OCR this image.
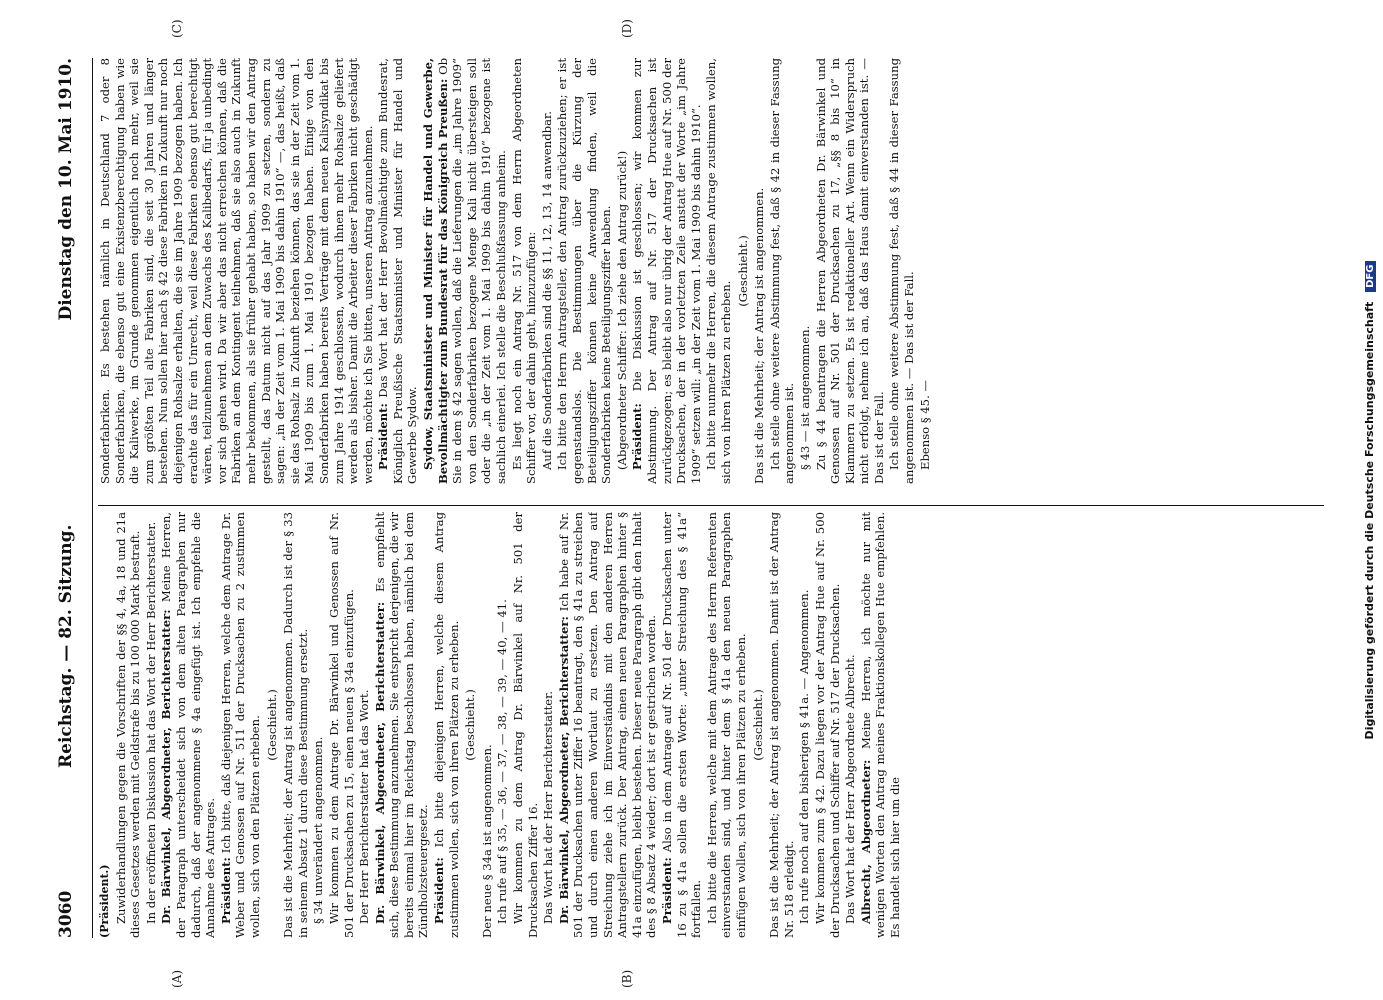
3060
Reichstag. — 82. Sitzung.
Dienstag den 10. Mai 1910.
(A)	(B)
(C)	(D)

(Präsident.) Zuwiderhandlungen gegen die Vorschriften der §§ 4, 4a, 18 und 21a dieses Gesetzes werden mit Geldstrafe bis zu 100 000 Mark bestraft. In der eröffneten Diskussion hat das Wort der Herr Berichterstatter. Dr. Bärwinkel, Abgeordneter, Berichterstatter: Meine Herren, der Paragraph unterscheidet sich von dem alten Paragraphen nur dadurch, daß der angenommene § 4a eingefügt ist. Ich empfehle die Annahme des Antrages. Präsident: Ich bitte, daß diejenigen Herren, welche dem Antrage Dr. Weber und Genossen auf Nr. 511 der Drucksachen zu 2 zustimmen wollen, sich von den Plätzen erheben. (Geschieht.) Das ist die Mehrheit; der Antrag ist angenommen. Dadurch ist der § 33 in seinem Absatz 1 durch diese Bestimmung ersetzt. § 34 unverändert angenommen. Wir kommen zu dem Antrage Dr. Bärwinkel und Genossen auf Nr. 501 der Drucksachen zu 15, einen neuen § 34a einzufügen. Der Herr Berichterstatter hat das Wort. Dr. Bärwinkel, Abgeordneter, Berichterstatter: Es empfiehlt sich, diese Bestimmung anzunehmen. Sie entspricht derjenigen, die wir bereits einmal hier im Reichstag beschlossen haben, nämlich bei dem Zündholzsteuergesetz. Präsident: Ich bitte diejenigen Herren, welche diesem Antrag zustimmen wollen, sich von ihren Plätzen zu erheben. (Geschieht.)

Der neue § 34a ist angenommen. Ich rufe auf § 35, — 36, — 37, — 38, — 39, — 40, — 41. Wir kommen zu dem Antrag Dr. Bärwinkel auf Nr. 501 der Drucksachen Ziffer 16. Das Wort hat der Herr Berichterstatter. Dr. Bärwinkel, Abgeordneter, Berichterstatter: Ich habe auf Nr. 501 der Drucksachen unter Ziffer 16 beantragt, den § 41a zu streichen und durch einen anderen Wortlaut zu ersetzen. Den Antrag auf Streichung ziehe ich im Einverständnis mit den anderen Herren Antragstellern zurück. Der Antrag, einen neuen Paragraphen hinter § 41a einzufügen, bleibt bestehen. Dieser neue Paragraph gibt den Inhalt des § 8 Absatz 4 wieder; dort ist er gestrichen worden. Präsident: Also in dem Antrage auf Nr. 501 der Drucksachen unter 16 zu § 41a sollen die ersten Worte: „unter Streichung des § 41a“ fortfallen. Ich bitte die Herren, welche mit dem Antrage des Herrn Referenten einverstanden sind, und hinter dem § 41a den neuen Paragraphen einfügen wollen, sich von ihren Plätzen zu erheben. (Geschieht.) Das ist die Mehrheit; der Antrag ist angenommen. Damit ist der Antrag Nr. 518 erledigt. Ich rufe noch auf den bisherigen § 41a. — Angenommen. Wir kommen zum § 42. Dazu liegen vor der Antrag Hue auf Nr. 500 der Drucksachen und Schiffer auf Nr. 517 der Drucksachen. Das Wort hat der Herr Abgeordnete Albrecht. Albrecht, Abgeordneter: Meine Herren, ich möchte nur mit wenigen Worten den Antrag meines Fraktionskollegen Hue empfehlen. Es handelt sich hier um die

Sonderfabriken. Es bestehen nämlich in Deutschland 7 oder 8 Sonderfabriken, die ebenso gut eine Existenzberechtigung haben wie die Kaliwerke, im Grunde genommen eigentlich noch mehr, weil sie zum größten Teil alte Fabriken sind, die seit 30 Jahren und länger bestehen. Nun sollen hier nach § 42 diese Fabriken in Zukunft nur noch diejenigen Rohsalze erhalten, die sie im Jahre 1909 bezogen haben. Ich erachte das für ein Unrecht, weil diese Fabriken ebenso gut berechtigt wären, teilzunehmen an dem Zuwachs des Kalibedarfs, für ja unbedingt vor sich gehen wird. Da wir aber das nicht erreichen können, daß die Fabriken an dem Kontingent teilnehmen, daß sie also auch in Zukunft mehr bekommen, als sie früher gehabt haben, so haben wir den Antrag gestellt, das Datum nicht auf das Jahr 1909 zu setzen, sondern zu sagen: „in der Zeit vom 1. Mai 1909 bis dahin 1910“ —, das heißt, daß sie das Rohsalz in Zukunft beziehen können, das sie in der Zeit vom 1. Mai 1909 bis zum 1. Mai 1910 bezogen haben. Einige von den Sonderfabriken haben bereits Verträge mit dem neuen Kalisyndikat bis zum Jahre 1914 geschlossen, wodurch ihnen mehr Rohsalze geliefert werden als bisher. Damit die Arbeiter dieser Fabriken nicht geschädigt werden, möchte ich Sie bitten, unseren Antrag anzunehmen. Präsident: Das Wort hat der Herr Bevollmächtigte zum Bundesrat, Königlich Preußische Staatsminister und Minister für Handel und Gewerbe Sydow. Sydow, Staatsminister und Minister für Handel und Gewerbe, Bevollmächtigter zum Bundesrat für das Königreich Preußen: Ob Sie in dem § 42 sagen wollen, daß die Lieferungen die „im Jahre 1909“ von den Sonderfabriken bezogene Menge Kali nicht übersteigen soll oder die „in der Zeit vom 1. Mai 1909 bis dahin 1910“ bezogene ist sachlich einerlei. Ich stelle die Beschlußfassung anheim. Es liegt noch ein Antrag Nr. 517 von dem Herrn Abgeordneten Schiffer vor, der dahin geht, hinzuzufügen: Auf die Sonderfabriken sind die §§ 11, 12, 13, 14 anwendbar. Ich bitte den Herrn Antragsteller, den Antrag zurückzuziehen; er ist gegenstandslos. Die Bestimmungen über die Kürzung der Beteiligungsziffer können keine Anwendung finden, weil die Sonderfabriken keine Beteiligungsziffer haben. (Abgeordneter Schiffer: Ich ziehe den Antrag zurück!) Präsident: Die Diskussion ist geschlossen; wir kommen zur Abstimmung. Der Antrag auf Nr. 517 der Drucksachen ist zurückgezogen; es bleibt also nur übrig der Antrag Hue auf Nr. 500 der Drucksachen, der in der vorletzten Zeile anstatt der Worte „im Jahre 1909“ setzen will: „in der Zeit vom 1. Mai 1909 bis dahin 1910“. Ich bitte nunmehr die Herren, die diesem Antrage zustimmen wollen, sich von ihren Plätzen zu erheben.

(Geschieht.) Das ist die Mehrheit; der Antrag ist angenommen. Ich stelle ohne weitere Abstimmung fest, daß § 42 in dieser Fassung angenommen ist. § 43 — ist angenommen. Zu § 44 beantragen die Herren Abgeordneten Dr. Bärwinkel und Genossen auf Nr. 501 der Drucksachen zu 17, „§§ 8 bis 10“ in Klammern zu setzen. Es ist redaktioneller Art. Wenn ein Widerspruch nicht erfolgt, nehme ich an, daß das Haus damit einverstanden ist. — Das ist der Fall. Ich stelle ohne weitere Abstimmung fest, daß § 44 in dieser Fassung angenommen ist. — Das ist der Fall. Ebenso § 45. —	Digitalisierung gefördert durch die Deutsche Forschungsgemeinschaft DFG
